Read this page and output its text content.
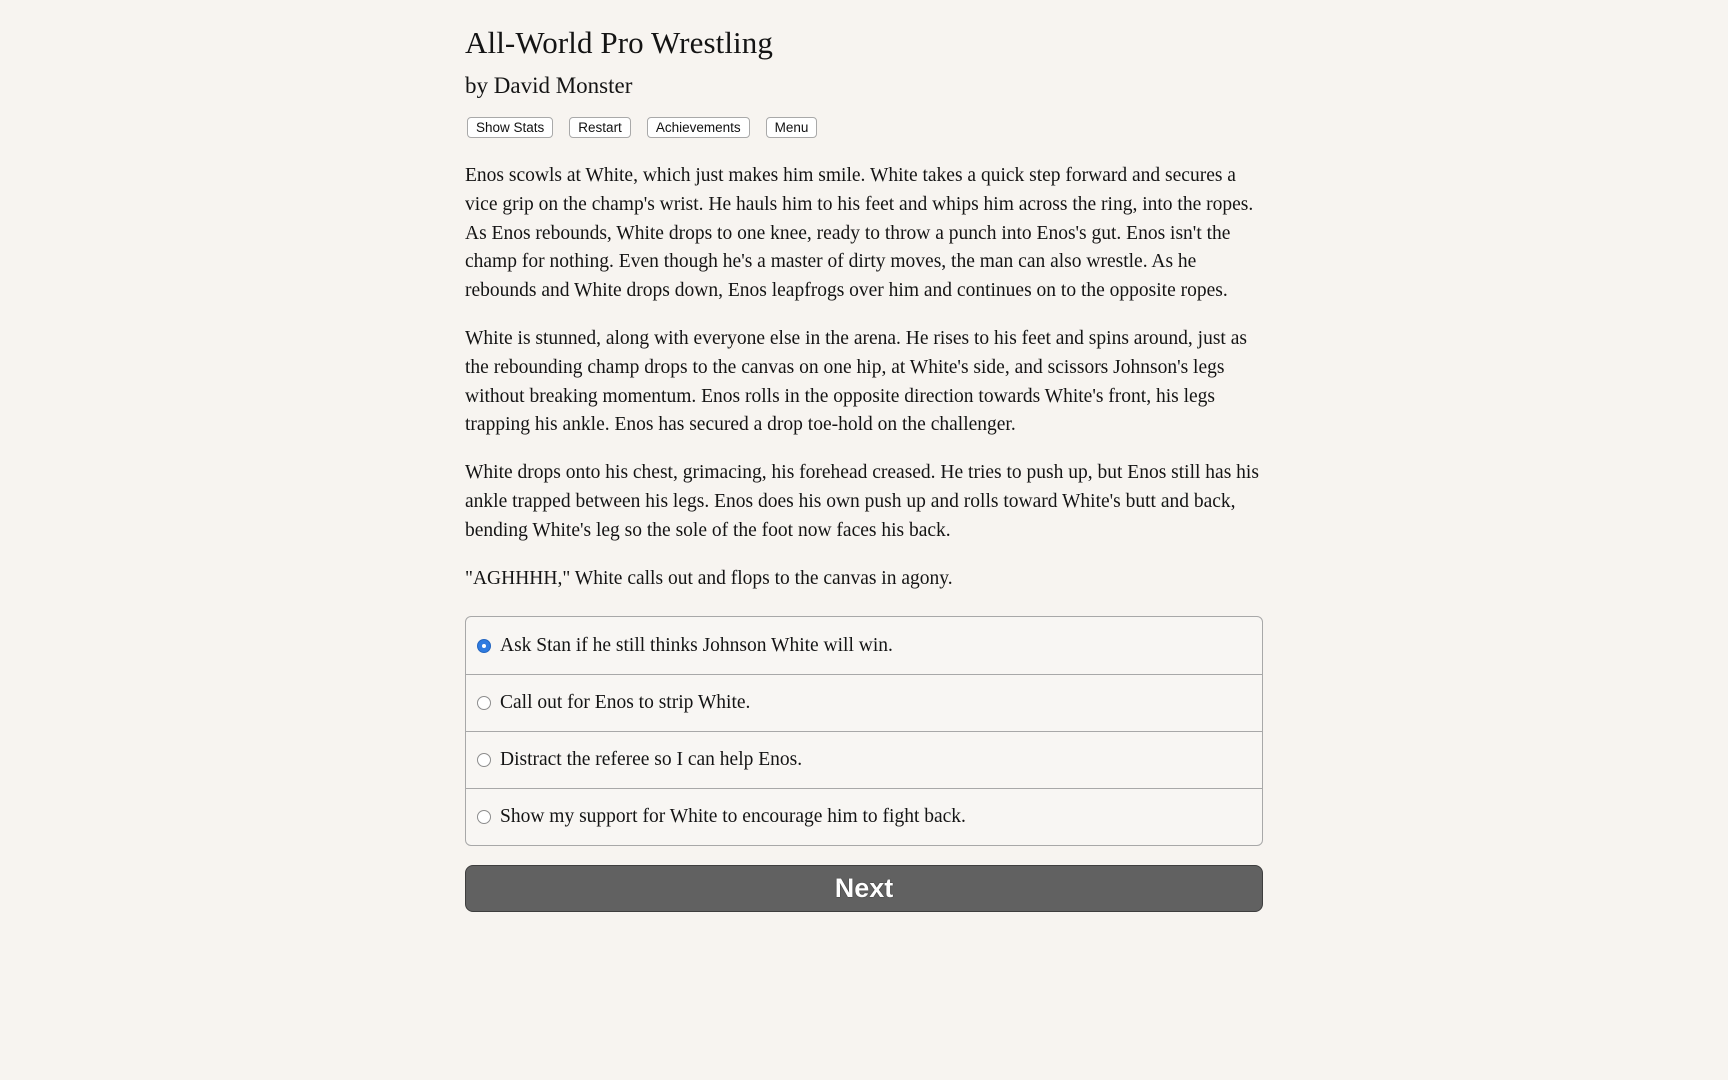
All-World Pro Wrestling
by David Monster
Show Stats	Restart	Achievements	Menu

Enos scowls at White, which just makes him smile. White takes a quick step forward and secures a vice grip on the champ's wrist. He hauls him to his feet and whips him across the ring, into the ropes. As Enos rebounds, White drops to one knee, ready to throw a punch into Enos's gut. Enos isn't the champ for nothing. Even though he's a master of dirty moves, the man can also wrestle. As he rebounds and White drops down, Enos leapfrogs over him and continues on to the opposite ropes.

White is stunned, along with everyone else in the arena. He rises to his feet and spins around, just as the rebounding champ drops to the canvas on one hip, at White's side, and scissors Johnson's legs without breaking momentum. Enos rolls in the opposite direction towards White's front, his legs trapping his ankle. Enos has secured a drop toe-hold on the challenger.

White drops onto his chest, grimacing, his forehead creased. He tries to push up, but Enos still has his ankle trapped between his legs. Enos does his own push up and rolls toward White's butt and back, bending White's leg so the sole of the foot now faces his back.

"AGHHHH," White calls out and flops to the canvas in agony.

Ask Stan if he still thinks Johnson White will win.
Call out for Enos to strip White.
Distract the referee so I can help Enos.
Show my support for White to encourage him to fight back.
Next
